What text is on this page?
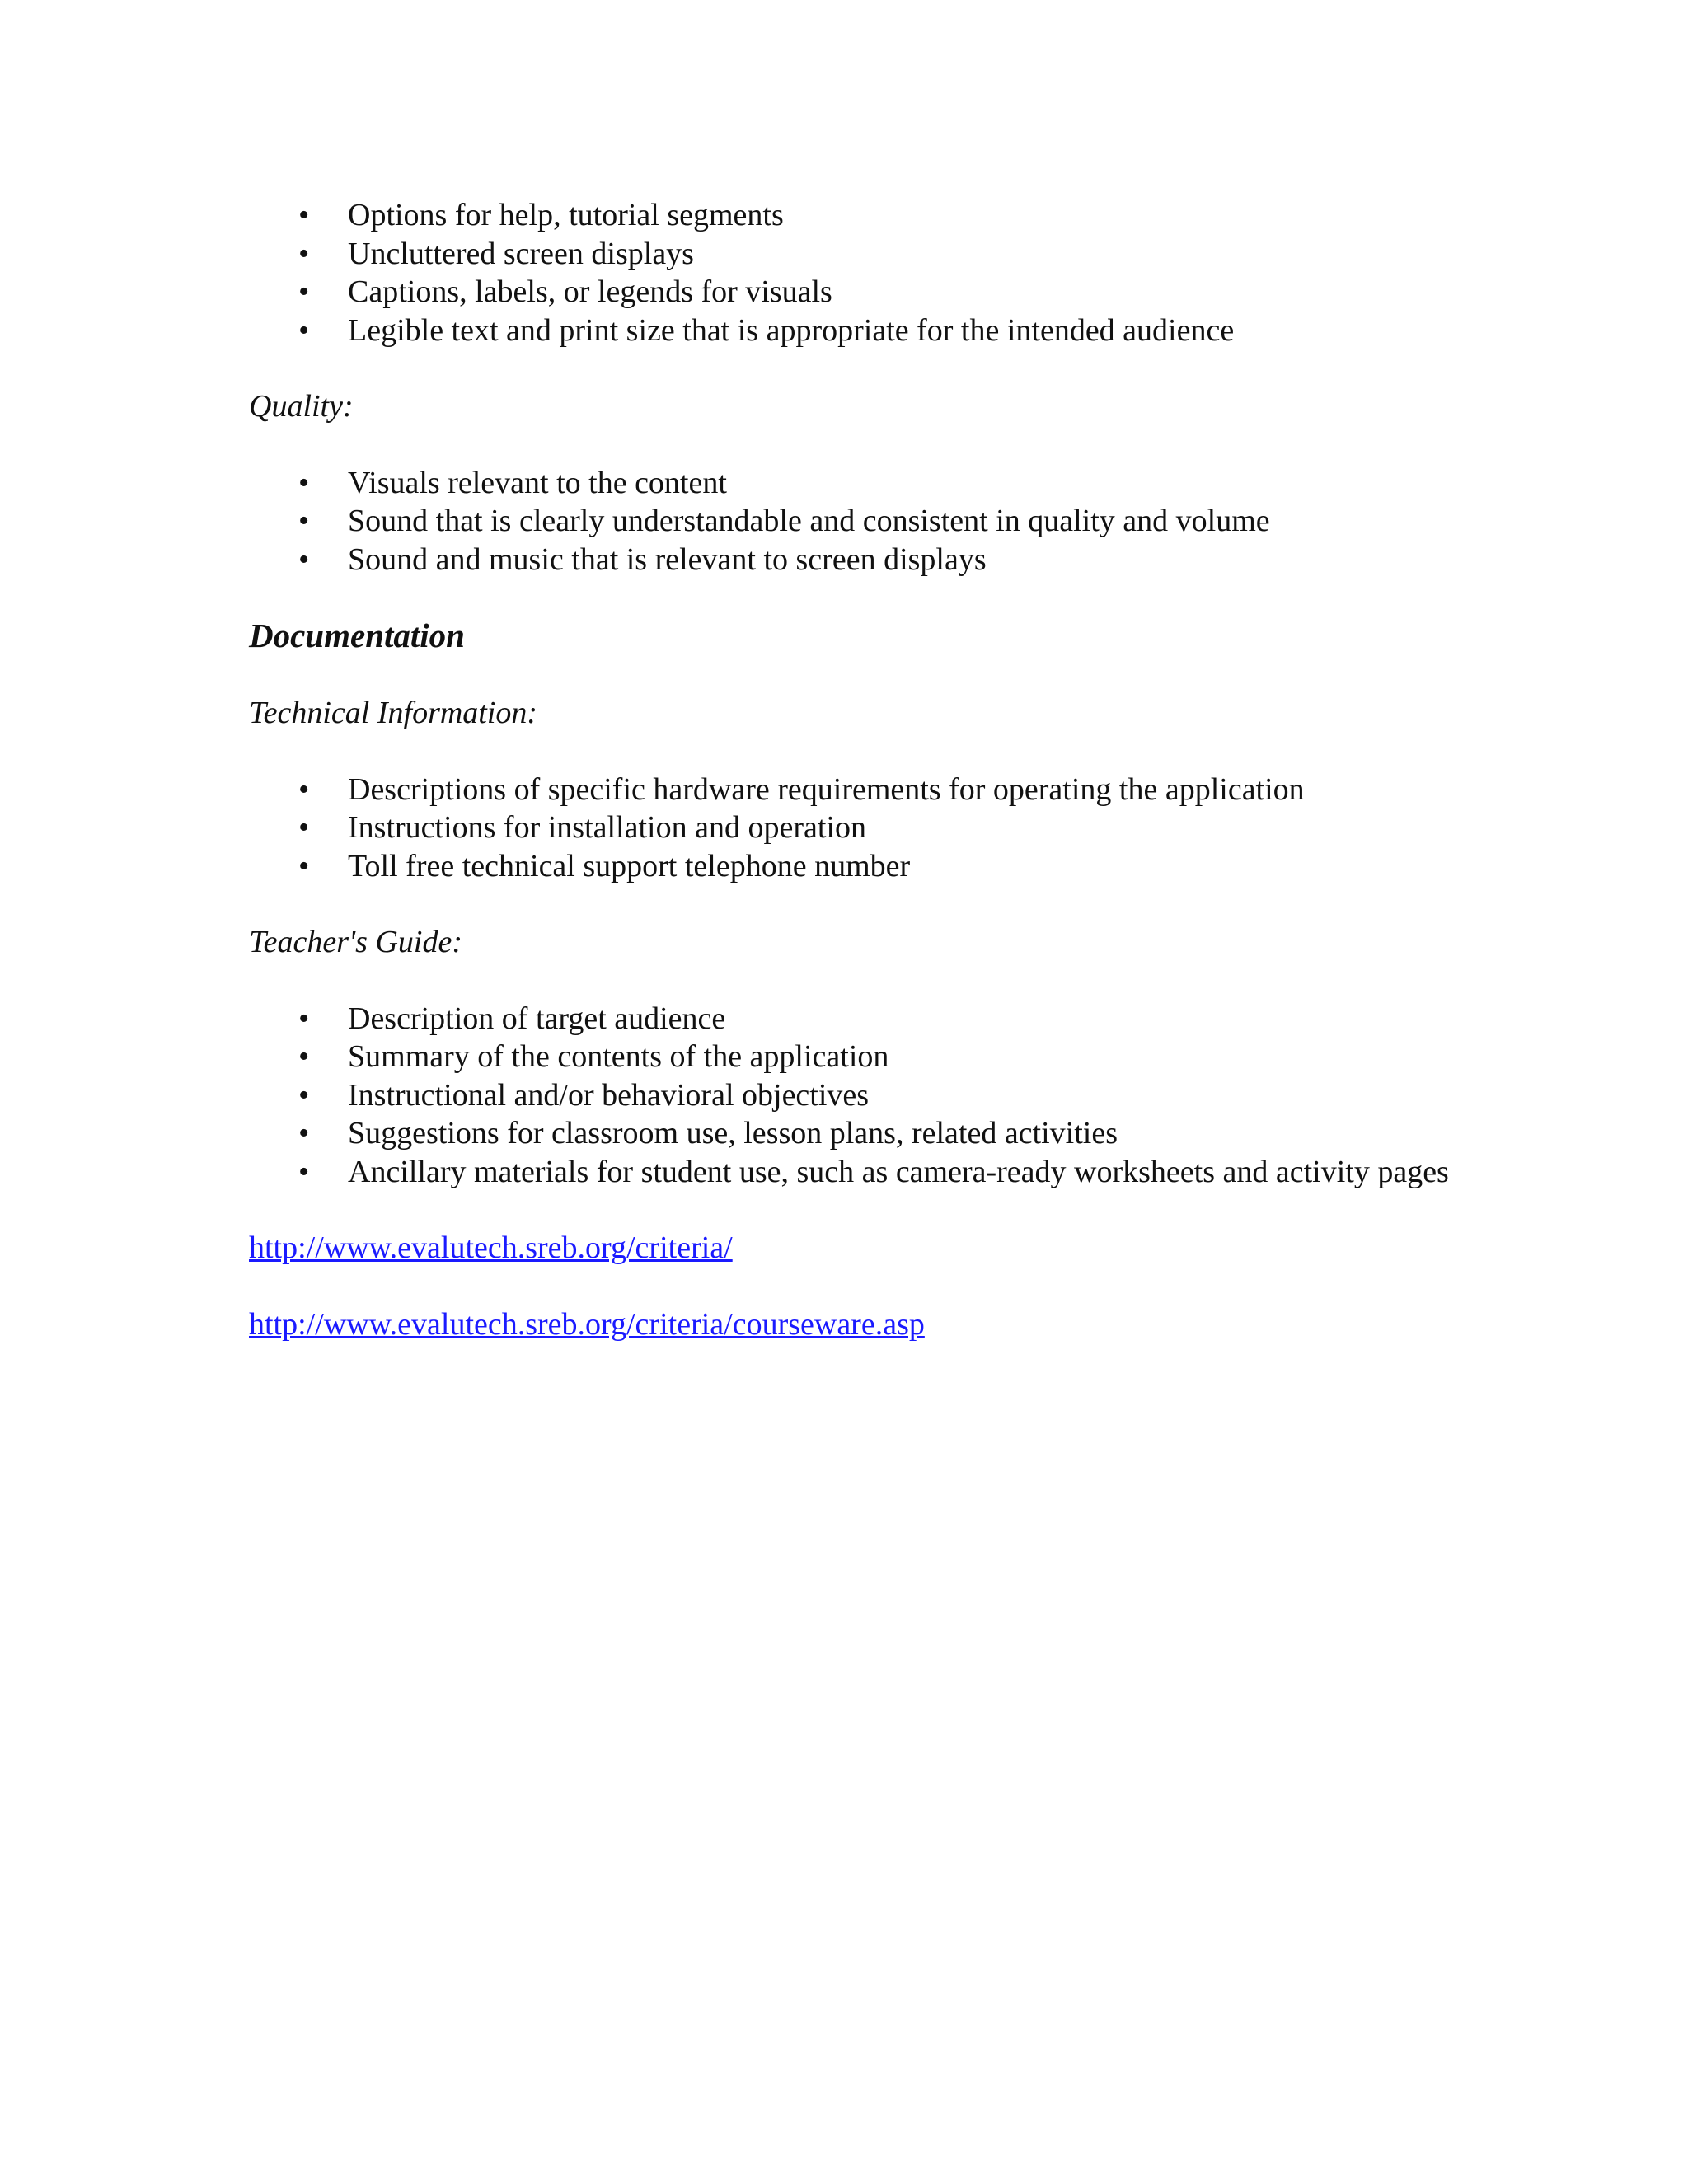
• Options for help, tutorial segments
• Uncluttered screen displays
• Captions, labels, or legends for visuals
• Legible text and print size that is appropriate for the intended audience
Quality:
• Visuals relevant to the content
• Sound that is clearly understandable and consistent in quality and volume
• Sound and music that is relevant to screen displays
Documentation
Technical Information:
• Descriptions of specific hardware requirements for operating the application
• Instructions for installation and operation
• Toll free technical support telephone number
Teacher's Guide:
• Description of target audience
• Summary of the contents of the application
• Instructional and/or behavioral objectives
• Suggestions for classroom use, lesson plans, related activities
• Ancillary materials for student use, such as camera-ready worksheets and activity pages
http://www.evalutech.sreb.org/criteria/
http://www.evalutech.sreb.org/criteria/courseware.asp
